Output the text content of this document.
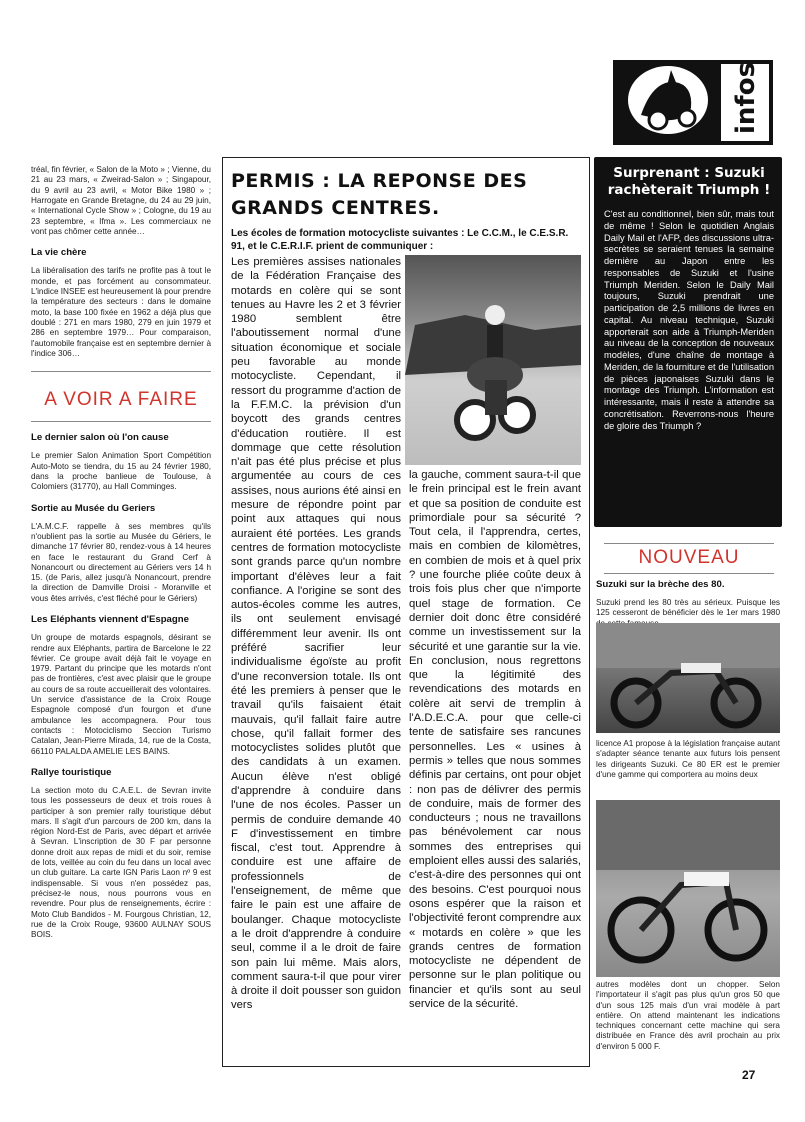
infos

tréal, fin février, « Salon de la Moto » ; Vienne, du 21 au 23 mars, « Zweirad-Salon » ; Singapour, du 9 avril au 23 avril, « Motor Bike 1980 » ; Harrogate en Grande Bretagne, du 24 au 29 juin, « International Cycle Show » ; Cologne, du 19 au 23 septembre, « Ifma ». Les commerciaux ne vont pas chômer cette année…

La vie chère

La libéralisation des tarifs ne profite pas à tout le monde, et pas forcément au consommateur. L'indice INSEE est heureusement là pour prendre la température des secteurs : dans le domaine moto, la base 100 fixée en 1962 a déjà plus que doublé : 271 en mars 1980, 279 en juin 1979 et 286 en septembre 1979… Pour comparaison, l'automobile française est en septembre dernier à l'indice 306…

A VOIR A FAIRE

Le dernier salon où l'on cause

Le premier Salon Animation Sport Compétition Auto-Moto se tiendra, du 15 au 24 février 1980, dans la proche banlieue de Toulouse, à Colomiers (31770), au Hall Comminges.

Sortie au Musée du Geriers

L'A.M.C.F. rappelle à ses membres qu'ils n'oublient pas la sortie au Musée du Gériers, le dimanche 17 février 80, rendez-vous à 14 heures en face le restaurant du Grand Cerf à Nonancourt ou directement au Gériers vers 14 h 15. (de Paris, allez jusqu'à Nonancourt, prendre la direction de Damville Droisi - Moranville et vous êtes arrivés, c'est fléché pour le Gériers)

Les Eléphants viennent d'Espagne

Un groupe de motards espagnols, désirant se rendre aux Eléphants, partira de Barcelone le 22 février. Ce groupe avait déjà fait le voyage en 1979. Partant du principe que les motards n'ont pas de frontières, c'est avec plaisir que le groupe au cours de sa route accueillerait des volontaires. Un service d'assistance de la Croix Rouge Espagnole composé d'un fourgon et d'une ambulance les accompagnera. Pour tous contacts : Motociclismo Seccion Turismo Catalan, Jean-Pierre Mirada, 14, rue de la Costa, 66110 PALALDA AMELIE LES BAINS.

Rallye touristique

La section moto du C.A.E.L. de Sevran invite tous les possesseurs de deux et trois roues à participer à son premier rally touristique début mars. Il s'agit d'un parcours de 200 km, dans la région Nord-Est de Paris, avec départ et arrivée à Sevran. L'inscription de 30 F par personne donne droit aux repas de midi et du soir, remise de lots, veillée au coin du feu dans un local avec un club guitare. La carte IGN Paris Laon nº 9 est indispensable. Si vous n'en possédez pas, précisez-le nous, nous pourrons vous en revendre. Pour plus de renseignements, écrire : Moto Club Bandidos - M. Fourgous Christian, 12, rue de la Croix Rouge, 93600 AULNAY SOUS BOIS.

PERMIS : LA REPONSE DES GRANDS CENTRES.
Les écoles de formation motocycliste suivantes : Le C.C.M., le C.E.S.R. 91, et le C.E.R.I.F. prient de communiquer :
Les premières assises nationales de la Fédération Française des motards en colère qui se sont tenues au Havre les 2 et 3 février 1980 semblent être l'aboutissement normal d'une situation économique et sociale peu favorable au monde motocycliste. Cependant, il ressort du programme d'action de la F.F.M.C. la prévision d'un boycott des grands centres d'éducation routière. Il est dommage que cette résolution n'ait pas été plus précise et plus argumentée au cours de ces assises, nous aurions été ainsi en mesure de répondre point par point aux attaques qui nous auraient été portées. Les grands centres de formation motocycliste sont grands parce qu'un nombre important d'élèves leur a fait confiance. A l'origine se sont des autos-écoles comme les autres, ils ont seulement envisagé différemment leur avenir. Ils ont préféré sacrifier leur individualisme égoïste au profit d'une reconversion totale. Ils ont été les premiers à penser que le travail qu'ils faisaient était mauvais, qu'il fallait faire autre chose, qu'il fallait former des motocyclistes solides plutôt que des candidats à un examen. Aucun élève n'est obligé d'apprendre à conduire dans l'une de nos écoles. Passer un permis de conduire demande 40 F d'investissement en timbre fiscal, c'est tout. Apprendre à conduire est une affaire de professionnels de l'enseignement, de même que faire le pain est une affaire de boulanger. Chaque motocycliste a le droit d'apprendre à conduire seul, comme il a le droit de faire son pain lui même. Mais alors, comment saura-t-il que pour virer à droite il doit pousser son guidon vers
la gauche, comment saura-t-il que le frein principal est le frein avant et que sa position de conduite est primordiale pour sa sécurité ? Tout cela, il l'apprendra, certes, mais en combien de kilomètres, en combien de mois et à quel prix ? une fourche pliée coûte deux à trois fois plus cher que n'importe quel stage de formation. Ce dernier doit donc être considéré comme un investissement sur la sécurité et une garantie sur la vie. En conclusion, nous regrettons que la légitimité des revendications des motards en colère ait servi de tremplin à l'A.D.E.C.A. pour que celle-ci tente de satisfaire ses rancunes personnelles. Les « usines à permis » telles que nous sommes définis par certains, ont pour objet : non pas de délivrer des permis de conduire, mais de former des conducteurs ; nous ne travaillons pas bénévolement car nous sommes des entreprises qui emploient elles aussi des salariés, c'est-à-dire des personnes qui ont des besoins. C'est pourquoi nous osons espérer que la raison et l'objectivité feront comprendre aux « motards en colère » que les grands centres de formation motocycliste ne dépendent de personne sur le plan politique ou financier et qu'ils sont au seul service de la sécurité.
Surprenant : Suzuki rachèterait Triumph !
C'est au conditionnel, bien sûr, mais tout de même ! Selon le quotidien Anglais Daily Mail et l'AFP, des discussions ultra-secrètes se seraient tenues la semaine dernière au Japon entre les responsables de Suzuki et l'usine Triumph Meriden. Selon le Daily Mail toujours, Suzuki prendrait une participation de 2,5 millions de livres en capital. Au niveau technique, Suzuki apporterait son aide à Triumph-Meriden au niveau de la conception de nouveaux modèles, d'une chaîne de montage à Meriden, de la fourniture et de l'utilisation de pièces japonaises Suzuki dans le montage des Triumph. L'information est intéressante, mais il reste à attendre sa concrétisation. Reverrons-nous l'heure de gloire des Triumph ?
NOUVEAU

Suzuki sur la brèche des 80.

Suzuki prend les 80 très au sérieux. Puisque les 125 cesseront de bénéficier dès le 1er mars 1980

licence A1 propose à la législation française autant s'adapter séance tenante aux futurs lois pensent les dirigeants Suzuki. Ce 80 ER est le premier d'une gamme qui comportera au moins deux
autres modèles dont un chopper. Selon l'importateur il s'agit pas plus qu'un gros 50 que d'un sous 125 mais d'un vrai modèle à part entière. On attend maintenant les indications techniques concernant cette machine qui sera distribuée en France dès avril prochain au prix d'environ 5 000 F.
27
